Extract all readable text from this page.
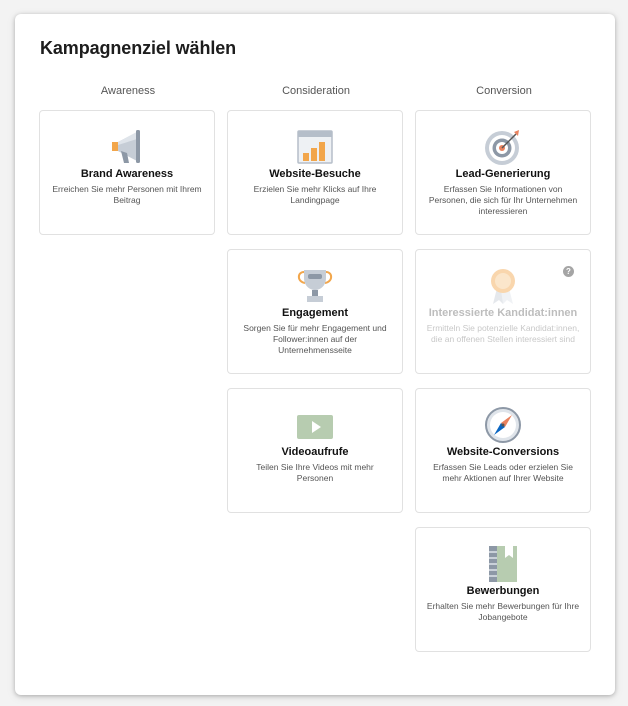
Kampagnenziel wählen
Awareness	Consideration	Conversion
Brand Awareness
Erreichen Sie mehr Personen mit Ihrem Beitrag
Website-Besuche
Erzielen Sie mehr Klicks auf Ihre Landingpage
Lead-Generierung
Erfassen Sie Informationen von Personen, die sich für Ihr Unternehmen interessieren
Engagement
Sorgen Sie für mehr Engagement und Follower:innen auf der Unternehmensseite
?
Interessierte Kandidat:innen
Ermitteln Sie potenzielle Kandidat:innen, die an offenen Stellen interessiert sind
Videoaufrufe
Teilen Sie Ihre Videos mit mehr Personen
Website-Conversions
Erfassen Sie Leads oder erzielen Sie mehr Aktionen auf Ihrer Website
Bewerbungen
Erhalten Sie mehr Bewerbungen für Ihre Jobangebote
